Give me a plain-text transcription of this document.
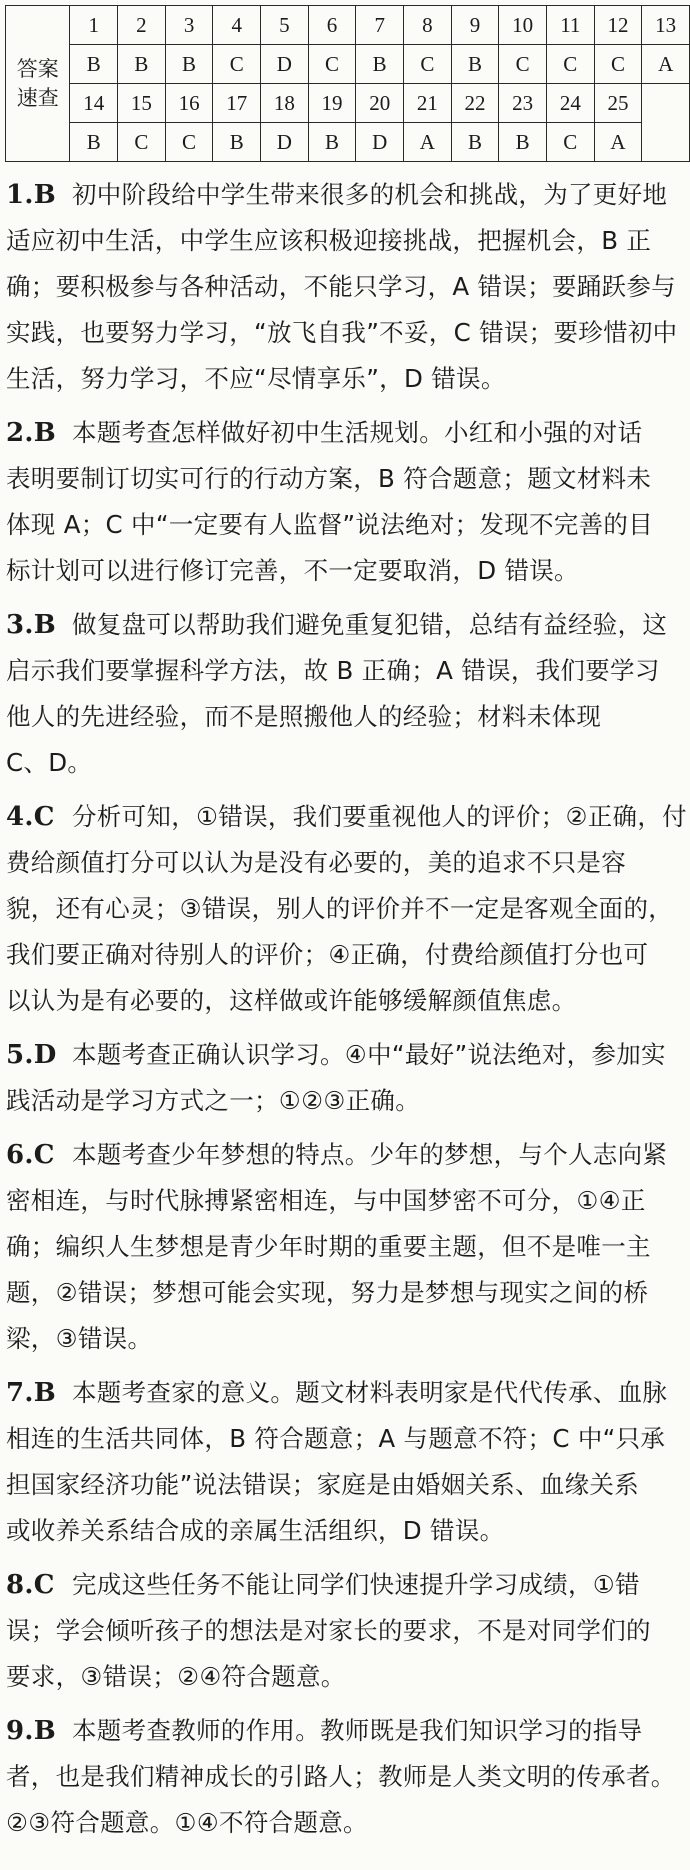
答案
速查	1	2	3	4	5	6	7	8	9	10	11	12	13
	B	B	B	C	D	C	B	C	B	C	C	C	A
	14	15	16	17	18	19	20	21	22	23	24	25	
	B	C	C	B	D	B	D	A	B	B	C	A	
1.B 初中阶段给中学生带来很多的机会和挑战，为了更好地
适应初中生活，中学生应该积极迎接挑战，把握机会，B 正
确；要积极参与各种活动，不能只学习，A 错误；要踊跃参与
实践，也要努力学习，“放飞自我”不妥，C 错误；要珍惜初中
生活，努力学习，不应“尽情享乐”，D 错误。
2.B 本题考查怎样做好初中生活规划。小红和小强的对话
表明要制订切实可行的行动方案，B 符合题意；题文材料未
体现 A；C 中“一定要有人监督”说法绝对；发现不完善的目
标计划可以进行修订完善，不一定要取消，D 错误。
3.B 做复盘可以帮助我们避免重复犯错，总结有益经验，这
启示我们要掌握科学方法，故 B 正确；A 错误，我们要学习
他人的先进经验，而不是照搬他人的经验；材料未体现
C、D。
4.C 分析可知，①错误，我们要重视他人的评价；②正确，付
费给颜值打分可以认为是没有必要的，美的追求不只是容
貌，还有心灵；③错误，别人的评价并不一定是客观全面的，
我们要正确对待别人的评价；④正确，付费给颜值打分也可
以认为是有必要的，这样做或许能够缓解颜值焦虑。
5.D 本题考查正确认识学习。④中“最好”说法绝对，参加实
践活动是学习方式之一；①②③正确。
6.C 本题考查少年梦想的特点。少年的梦想，与个人志向紧
密相连，与时代脉搏紧密相连，与中国梦密不可分，①④正
确；编织人生梦想是青少年时期的重要主题，但不是唯一主
题，②错误；梦想可能会实现，努力是梦想与现实之间的桥
梁，③错误。
7.B 本题考查家的意义。题文材料表明家是代代传承、血脉
相连的生活共同体，B 符合题意；A 与题意不符；C 中“只承
担国家经济功能”说法错误；家庭是由婚姻关系、血缘关系
或收养关系结合成的亲属生活组织，D 错误。
8.C 完成这些任务不能让同学们快速提升学习成绩，①错
误；学会倾听孩子的想法是对家长的要求，不是对同学们的
要求，③错误；②④符合题意。
9.B 本题考查教师的作用。教师既是我们知识学习的指导
者，也是我们精神成长的引路人；教师是人类文明的传承者。
②③符合题意。①④不符合题意。
